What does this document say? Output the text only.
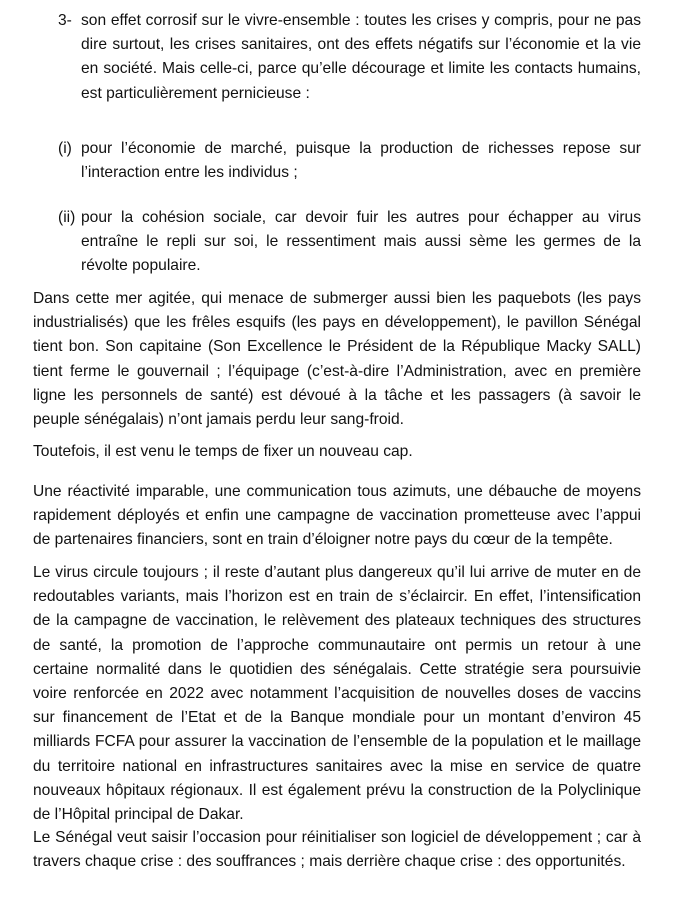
3- son effet corrosif sur le vivre-ensemble : toutes les crises y compris, pour ne pas dire surtout, les crises sanitaires, ont des effets négatifs sur l’économie et la vie en société. Mais celle-ci, parce qu’elle décourage et limite les contacts humains, est particulièrement pernicieuse :

(i) pour l’économie de marché, puisque la production de richesses repose sur l’interaction entre les individus ;

(ii) pour la cohésion sociale, car devoir fuir les autres pour échapper au virus entraîne le repli sur soi, le ressentiment mais aussi sème les germes de la révolte populaire.

Dans cette mer agitée, qui menace de submerger aussi bien les paquebots (les pays industrialisés) que les frêles esquifs (les pays en développement), le pavillon Sénégal tient bon. Son capitaine (Son Excellence le Président de la République Macky SALL) tient ferme le gouvernail ; l’équipage (c’est-à-dire l’Administration, avec en première ligne les personnels de santé) est dévoué à la tâche et les passagers (à savoir le peuple sénégalais) n’ont jamais perdu leur sang-froid.

Toutefois, il est venu le temps de fixer un nouveau cap.

Une réactivité imparable, une communication tous azimuts, une débauche de moyens rapidement déployés et enfin une campagne de vaccination prometteuse avec l’appui de partenaires financiers, sont en train d’éloigner notre pays du cœur de la tempête.

Le virus circule toujours ; il reste d’autant plus dangereux qu’il lui arrive de muter en de redoutables variants, mais l’horizon est en train de s’éclaircir. En effet, l’intensification de la campagne de vaccination, le relèvement des plateaux techniques des structures de santé, la promotion de l’approche communautaire ont permis un retour à une certaine normalité dans le quotidien des sénégalais. Cette stratégie sera poursuivie voire renforcée en 2022 avec notamment l’acquisition de nouvelles doses de vaccins sur financement de l’Etat et de la Banque mondiale pour un montant d’environ 45 milliards FCFA pour assurer la vaccination de l’ensemble de la population et le maillage du territoire national en infrastructures sanitaires avec la mise en service de quatre nouveaux hôpitaux régionaux. Il est également prévu la construction de la Polyclinique de l’Hôpital principal de Dakar.

Le Sénégal veut saisir l’occasion pour réinitialiser son logiciel de développement ; car à travers chaque crise : des souffrances ; mais derrière chaque crise : des opportunités.
